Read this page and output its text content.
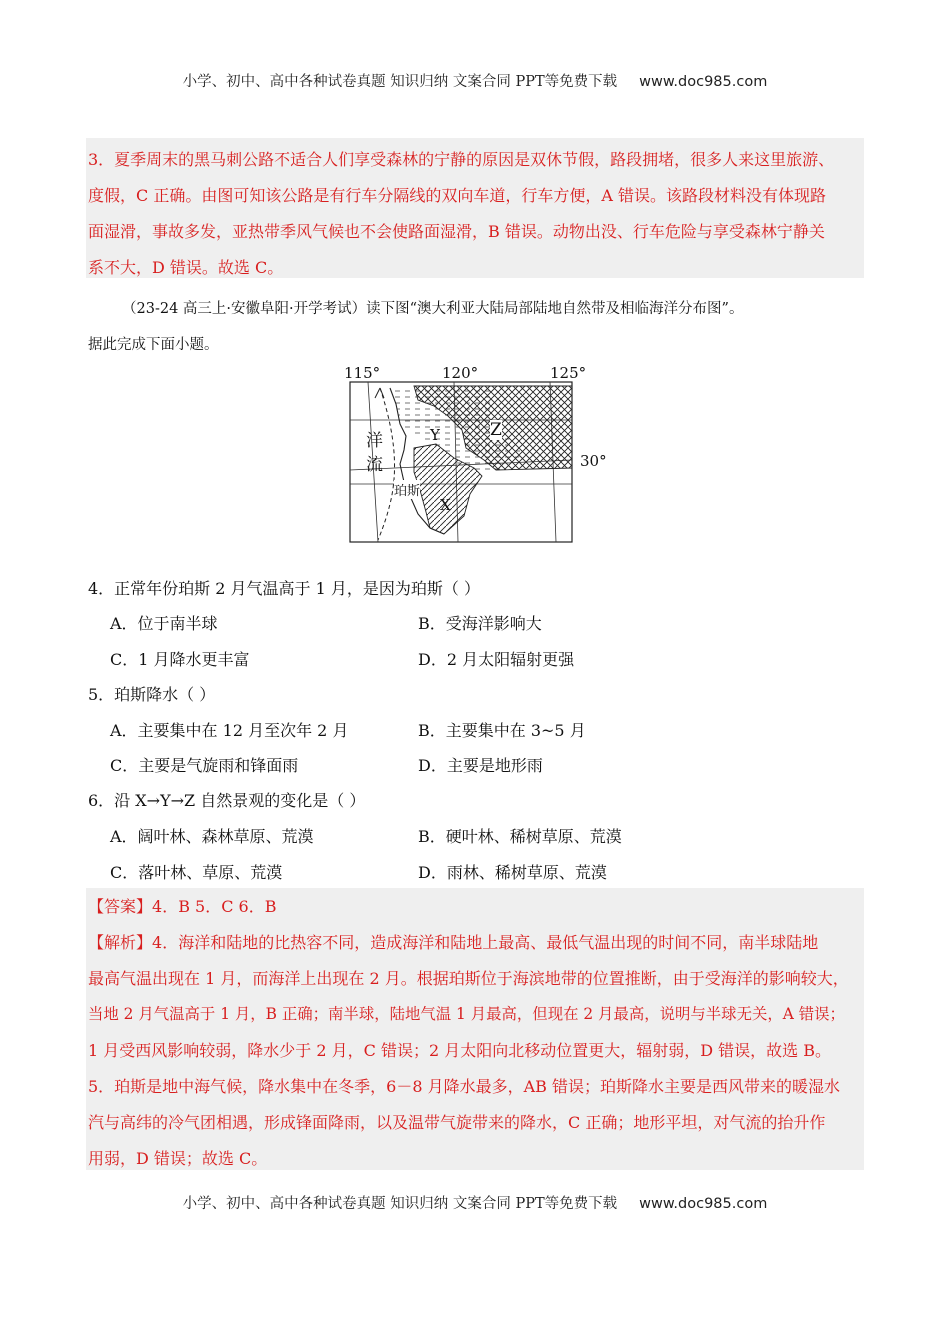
小学、初中、高中各种试卷真题 知识归纳 文案合同 PPT等免费下载 www.doc985.com
3．夏季周末的黑马刺公路不适合人们享受森林的宁静的原因是双休节假，路段拥堵，很多人来这里旅游、
度假，C 正确。由图可知该公路是有行车分隔线的双向车道，行车方便，A 错误。该路段材料没有体现路
面湿滑，事故多发，亚热带季风气候也不会使路面湿滑，B 错误。动物出没、行车危险与享受森林宁静关
系不大，D 错误。故选 C。
（23-24 高三上·安徽阜阳·开学考试）读下图“澳大利亚大陆局部陆地自然带及相临海洋分布图”。
据此完成下面小题。
115°	120°	125°
30°
洋
流
Y	Z
X
珀斯
4．正常年份珀斯 2 月气温高于 1 月，是因为珀斯（ ）
A．位于南半球	B．受海洋影响大
C．1 月降水更丰富	D．2 月太阳辐射更强
5．珀斯降水（ ）
A．主要集中在 12 月至次年 2 月	B．主要集中在 3~5 月
C．主要是气旋雨和锋面雨	D．主要是地形雨
6．沿 X→Y→Z 自然景观的变化是（ ）
A．阔叶林、森林草原、荒漠	B．硬叶林、稀树草原、荒漠
C．落叶林、草原、荒漠	D．雨林、稀树草原、荒漠
【答案】4．B 5．C 6．B
【解析】4．海洋和陆地的比热容不同，造成海洋和陆地上最高、最低气温出现的时间不同，南半球陆地
最高气温出现在 1 月，而海洋上出现在 2 月。根据珀斯位于海滨地带的位置推断，由于受海洋的影响较大，
当地 2 月气温高于 1 月，B 正确；南半球，陆地气温 1 月最高，但现在 2 月最高，说明与半球无关，A 错误；
1 月受西风影响较弱，降水少于 2 月，C 错误；2 月太阳向北移动位置更大，辐射弱，D 错误，故选 B。
5．珀斯是地中海气候，降水集中在冬季，6－8 月降水最多，AB 错误；珀斯降水主要是西风带来的暖湿水
汽与高纬的冷气团相遇，形成锋面降雨，以及温带气旋带来的降水，C 正确；地形平坦，对气流的抬升作
用弱，D 错误；故选 C。
小学、初中、高中各种试卷真题 知识归纳 文案合同 PPT等免费下载 www.doc985.com
